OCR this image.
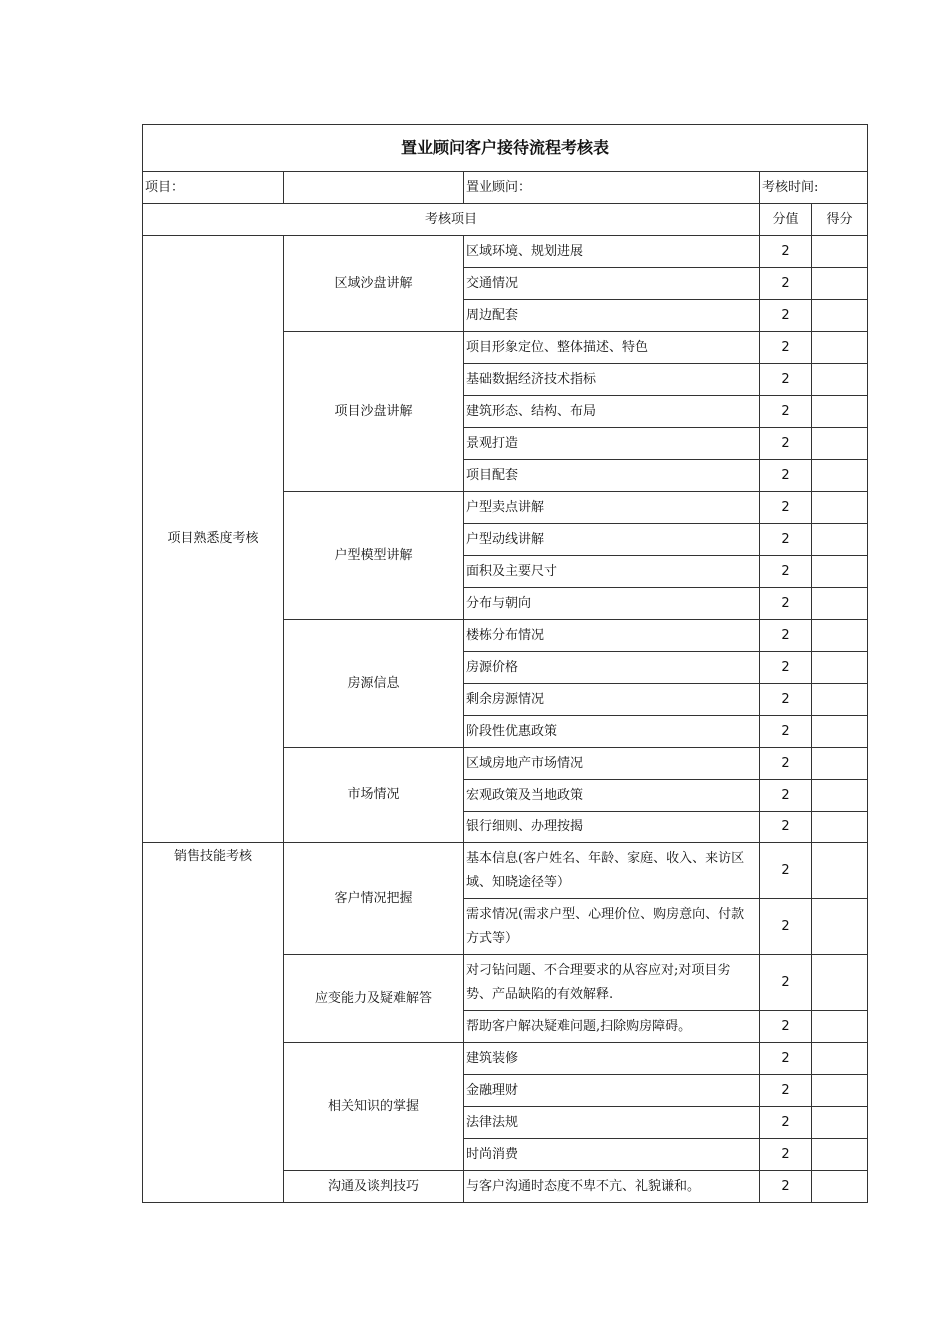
置业顾问客户接待流程考核表				
项目：		置业顾问：	考核时间:	
考核项目			分值	得分
项目熟悉度考核	区域沙盘讲解	区域环境、规划进展	2	
		交通情况	2	
		周边配套	2	
	项目沙盘讲解	项目形象定位、整体描述、特色	2	
		基础数据经济技术指标	2	
		建筑形态、结构、布局	2	
		景观打造	2	
		项目配套	2	
	户型模型讲解	户型卖点讲解	2	
		户型动线讲解	2	
		面积及主要尺寸	2	
		分布与朝向	2	
	房源信息	楼栋分布情况	2	
		房源价格	2	
		剩余房源情况	2	
		阶段性优惠政策	2	
	市场情况	区域房地产市场情况	2	
		宏观政策及当地政策	2	
		银行细则、办理按揭	2	
销售技能考核	客户情况把握	基本信息(客户姓名、年龄、家庭、收入、来访区域、知晓途径等）	2	
		需求情况(需求户型、心理价位、购房意向、付款方式等）	2	
	应变能力及疑难解答	对刁钻问题、不合理要求的从容应对;对项目劣势、产品缺陷的有效解释.	2	
		帮助客户解决疑难问题,扫除购房障碍。	2	
	相关知识的掌握	建筑装修	2	
		金融理财	2	
		法律法规	2	
		时尚消费	2	
	沟通及谈判技巧	与客户沟通时态度不卑不亢、礼貌谦和。	2	
